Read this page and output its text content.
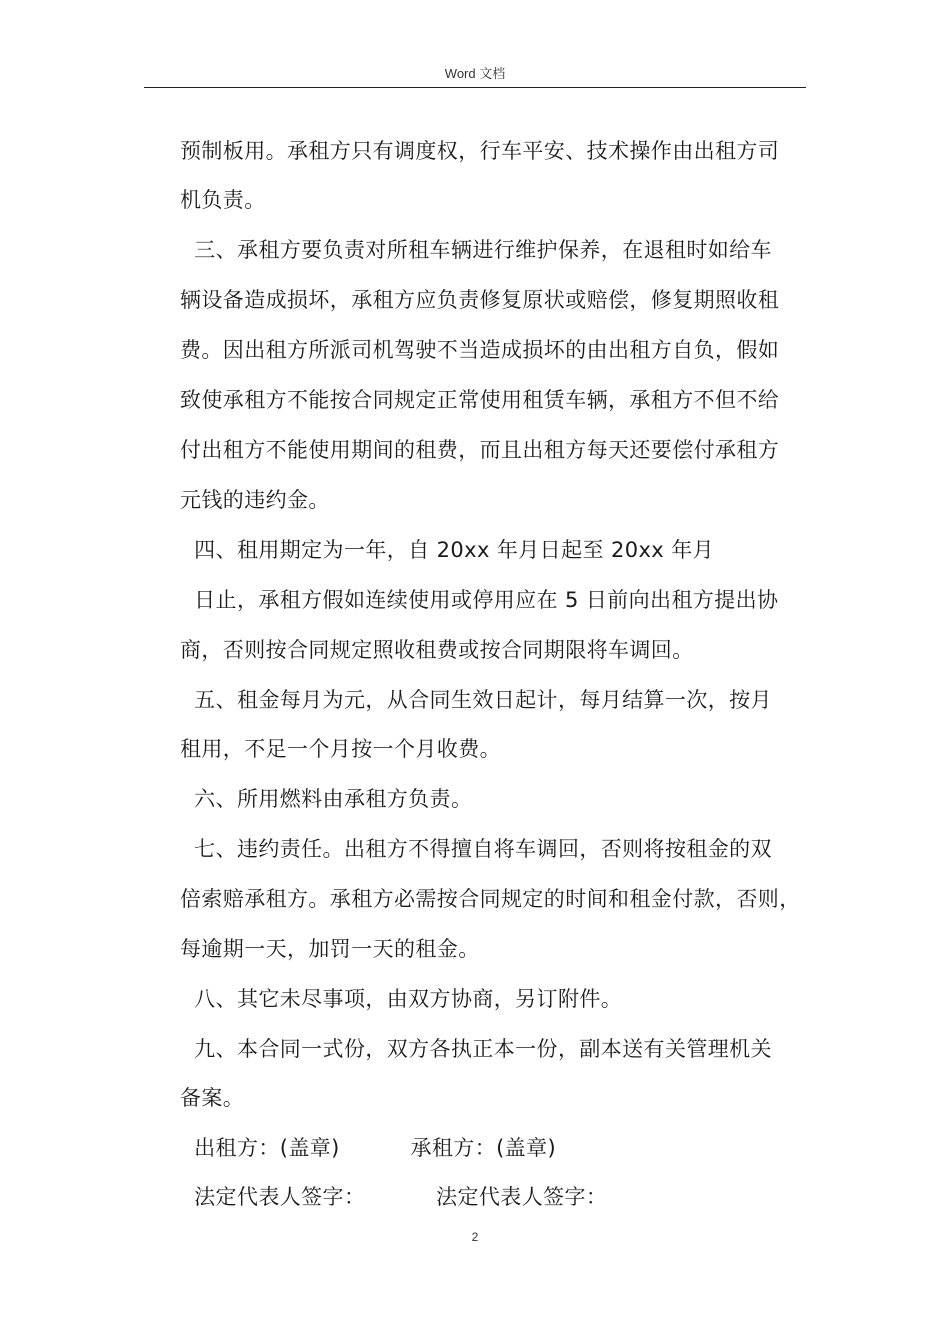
Word 文档
预制板用。承租方只有调度权，行车平安、技术操作由出租方司
机负责。
三、承租方要负责对所租车辆进行维护保养，在退租时如给车
辆设备造成损坏，承租方应负责修复原状或赔偿，修复期照收租
费。因出租方所派司机驾驶不当造成损坏的由出租方自负，假如
致使承租方不能按合同规定正常使用租赁车辆，承租方不但不给
付出租方不能使用期间的租费，而且出租方每天还要偿付承租方
元钱的违约金。
四、租用期定为一年，自 20xx 年月日起至 20xx 年月
日止，承租方假如连续使用或停用应在 5 日前向出租方提出协
商，否则按合同规定照收租费或按合同期限将车调回。
五、租金每月为元，从合同生效日起计，每月结算一次，按月
租用，不足一个月按一个月收费。
六、所用燃料由承租方负责。
七、违约责任。出租方不得擅自将车调回，否则将按租金的双
倍索赔承租方。承租方必需按合同规定的时间和租金付款，否则，
每逾期一天，加罚一天的租金。
八、其它未尽事项，由双方协商，另订附件。
九、本合同一式份，双方各执正本一份，副本送有关管理机关
备案。
出租方：(盖章)          承租方：(盖章)
法定代表人签字：          法定代表人签字：
2
